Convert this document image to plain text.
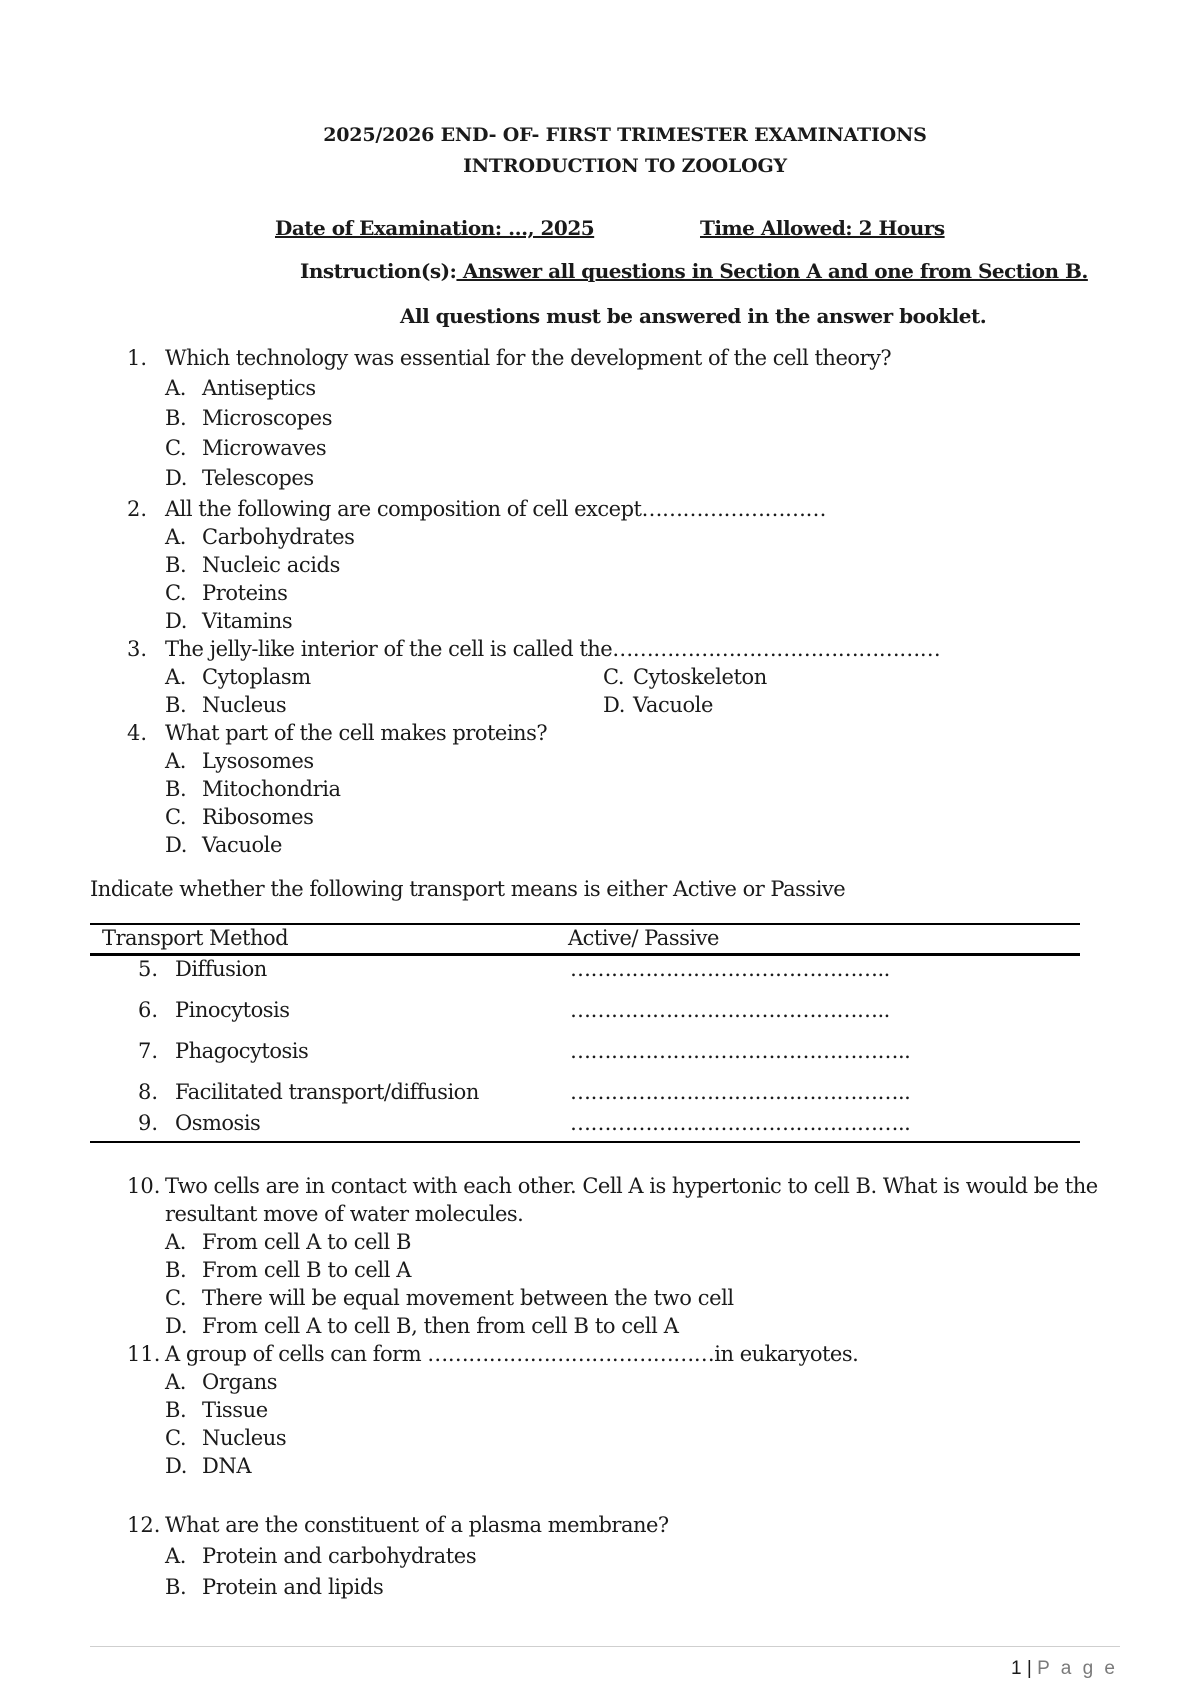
2025/2026 END- OF- FIRST TRIMESTER EXAMINATIONS
INTRODUCTION TO ZOOLOGY
Date of Examination: …, 2025	Time Allowed: 2 Hours
Instruction(s): Answer all questions in Section A and one from Section B.
All questions must be answered in the answer booklet.
1. Which technology was essential for the development of the cell theory?
A. Antiseptics
B. Microscopes
C. Microwaves
D. Telescopes
2. All the following are composition of cell except………………………
A. Carbohydrates
B. Nucleic acids
C. Proteins
D. Vitamins
3. The jelly-like interior of the cell is called the…………………………………………
A. Cytoplasm
B. Nucleus
C. Cytoskeleton
D. Vacuole
4. What part of the cell makes proteins?
A. Lysosomes
B. Mitochondria
C. Ribosomes
D. Vacuole
Indicate whether the following transport means is either Active or Passive
Transport Method	Active/ Passive
5. Diffusion	………………………………………..
6. Pinocytosis	………………………………………..
7. Phagocytosis	…………………………………………..
8. Facilitated transport/diffusion	…………………………………………..
9. Osmosis	…………………………………………..
10. Two cells are in contact with each other. Cell A is hypertonic to cell B. What is would be the
resultant move of water molecules.
A. From cell A to cell B
B. From cell B to cell A
C. There will be equal movement between the two cell
D. From cell A to cell B, then from cell B to cell A
11. A group of cells can form ……………………………………in eukaryotes.
A. Organs
B. Tissue
C. Nucleus
D. DNA
12. What are the constituent of a plasma membrane?
A. Protein and carbohydrates
B. Protein and lipids
1 | P a g e
